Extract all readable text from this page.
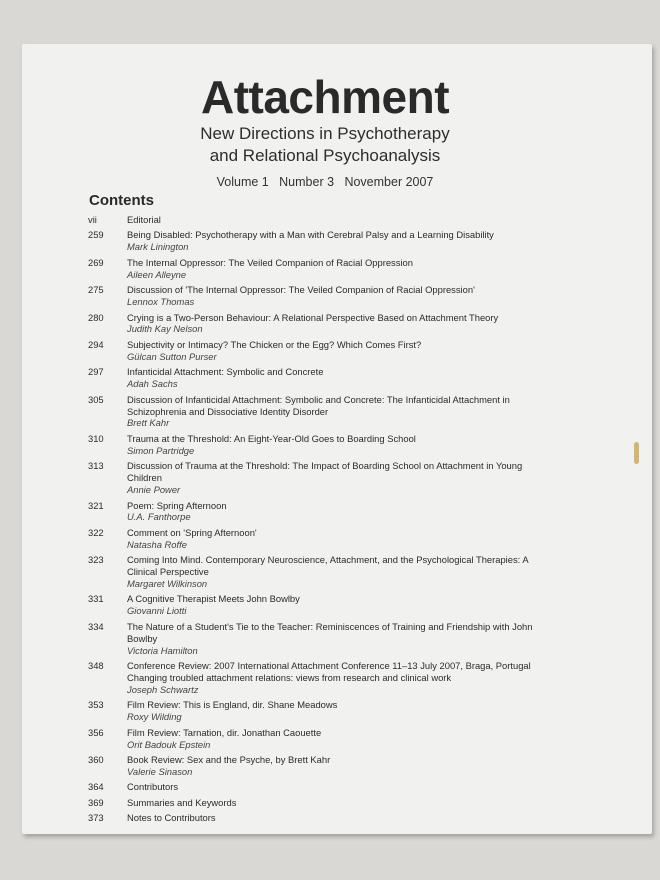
Attachment
New Directions in Psychotherapy
and Relational Psychoanalysis
Volume 1   Number 3   November 2007
Contents
vii	Editorial
259	Being Disabled: Psychotherapy with a Man with Cerebral Palsy and a Learning Disability
Mark Linington
269	The Internal Oppressor: The Veiled Companion of Racial Oppression
Aileen Alleyne
275	Discussion of 'The Internal Oppressor: The Veiled Companion of Racial Oppression'
Lennox Thomas
280	Crying is a Two-Person Behaviour: A Relational Perspective Based on Attachment Theory
Judith Kay Nelson
294	Subjectivity or Intimacy? The Chicken or the Egg? Which Comes First?
Gülcan Sutton Purser
297	Infanticidal Attachment: Symbolic and Concrete
Adah Sachs
305	Discussion of Infanticidal Attachment: Symbolic and Concrete: The Infanticidal Attachment in Schizophrenia and Dissociative Identity Disorder
Brett Kahr
310	Trauma at the Threshold: An Eight-Year-Old Goes to Boarding School
Simon Partridge
313	Discussion of Trauma at the Threshold: The Impact of Boarding School on Attachment in Young Children
Annie Power
321	Poem: Spring Afternoon
U.A. Fanthorpe
322	Comment on 'Spring Afternoon'
Natasha Roffe
323	Coming Into Mind. Contemporary Neuroscience, Attachment, and the Psychological Therapies: A Clinical Perspective
Margaret Wilkinson
331	A Cognitive Therapist Meets John Bowlby
Giovanni Liotti
334	The Nature of a Student's Tie to the Teacher: Reminiscences of Training and Friendship with John Bowlby
Victoria Hamilton
348	Conference Review: 2007 International Attachment Conference 11–13 July 2007, Braga, Portugal Changing troubled attachment relations: views from research and clinical work
Joseph Schwartz
353	Film Review: This is England, dir. Shane Meadows
Roxy Wilding
356	Film Review: Tarnation, dir. Jonathan Caouette
Orit Badouk Epstein
360	Book Review: Sex and the Psyche, by Brett Kahr
Valerie Sinason
364	Contributors
369	Summaries and Keywords
373	Notes to Contributors
